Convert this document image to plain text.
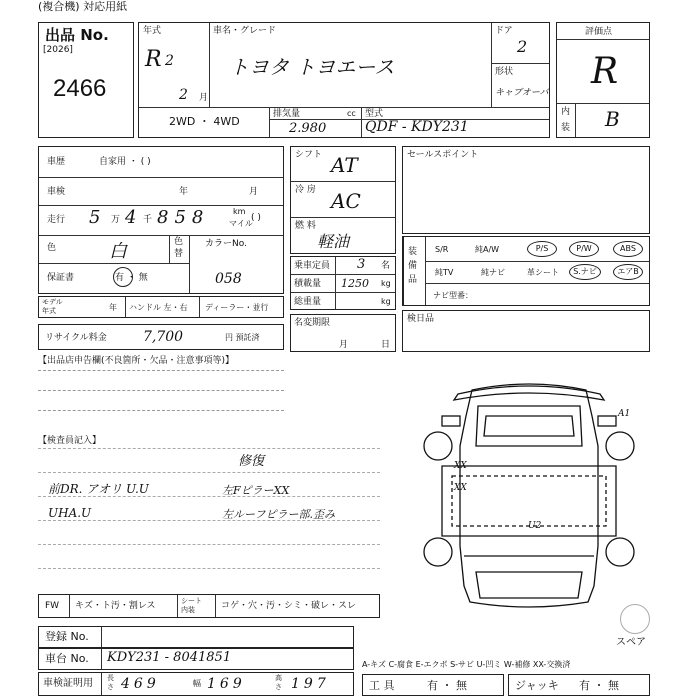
(複合機) 対応用紙
出品 No.
[2026]
2466
年式
R 2
2 月
車名・グレード
トヨタ トヨエース
ドア
2
形状
キャブオーバ
2WD ・ 4WD
排気量	cc
2.980
型式
QDF - KDY231
評価点
R
内
装 B
車歴	自家用 ・ ( )
車検	年	月
走行 5 万 4 千 858	km
マイル
( )
色	白	色
替
カラーNo.
058
保証書	有 ・ 無
モデル
年式	年 ハンドル 左・右 ディーラー・並行
リサイクル料金	7,700	円 預託済
シフト AT
冷 房 AC
燃 料
軽油
乗車定員 3 名
積載量 1250 kg
総重量	kg
名変期限
月	日
セールスポイント
装
備
品
S/R	純A/W	P/S	P/W	ABS
純TV	純ナビ	革シート	S.ナビ	エアB
ナビ型番：
検日品
【出品店申告欄(不良箇所・欠品・注意事項等)】
【検査員記入】
修復
前DR. アオリ U.U
UHA.U
左FピラーXX
左ルーフピラー部.歪み
XX
XX
U2
A1
スペア
FW キズ・ト汚・割レス	シート 内装	コゲ・穴・汚・シミ・破レ・スレ
登録 No.
車台 No. KDY231 - 8041851
車検証明用 長さ 469	幅 169	高さ 197
A-キズ C-腐食 E-エクボ S-サビ U-凹ミ W-補修 XX-交換済
工 具	有 ・ 無	ジャッキ 有 ・ 無
